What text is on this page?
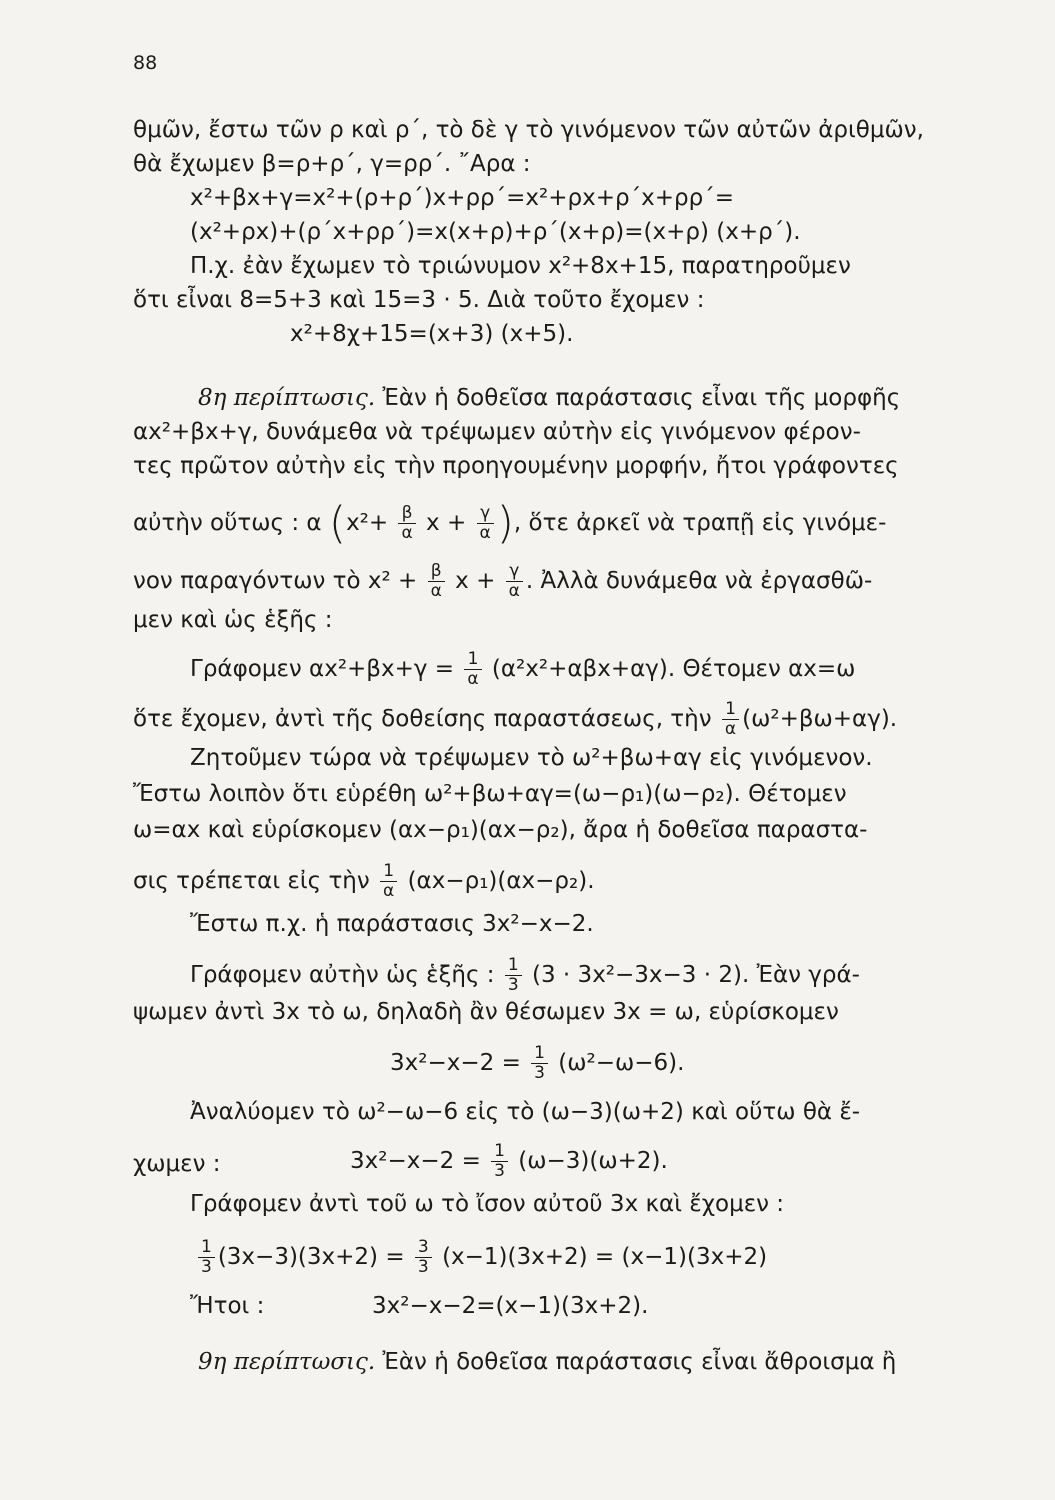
88
θμῶν, ἔστω τῶν ρ καὶ ρ΄, τὸ δὲ γ τὸ γινόμενον τῶν αὐτῶν ἀριθμῶν,
θὰ ἔχωμεν β=ρ+ρ΄, γ=ρρ΄. ῎Αρα :
x²+βx+γ=x²+(ρ+ρ΄)x+ρρ΄=x²+ρx+ρ΄x+ρρ΄=
(x²+ρx)+(ρ΄x+ρρ΄)=x(x+ρ)+ρ΄(x+ρ)=(x+ρ) (x+ρ΄).
Π.χ. ἐὰν ἔχωμεν τὸ τριώνυμον x²+8x+15, παρατηροῦμεν
ὅτι εἶναι 8=5+3 καὶ 15=3 · 5. Διὰ τοῦτο ἔχομεν :
x²+8χ+15=(x+3) (x+5).
8η περίπτωσις. Ἐὰν ἡ δοθεῖσα παράστασις εἶναι τῆς μορφῆς
αx²+βx+γ, δυνάμεθα νὰ τρέψωμεν αὐτὴν εἰς γινόμενον φέρον-
τες πρῶτον αὐτὴν εἰς τὴν προηγουμένην μορφήν, ἤτοι γράφοντες
αὐτὴν οὕτως : α ($x^2+ \frac{\beta}{\alpha}$ $x + \frac{\gamma}{\alpha}$ ), ὅτε ἀρκεῖ νὰ τραπῇ εἰς γινόμε-
νον παραγόντων τὸ $x^2 + \frac{\beta}{\alpha}$ $x + \frac{\gamma}{\alpha}$ . Ἀλλὰ δυνάμεθα νὰ ἐργασθῶ-
μεν καὶ ὡς ἑξῆς :
Γράφομεν $\alpha x^2+\beta x+\gamma = \frac{1}{\alpha} (\alpha^2x^2+\alpha\beta x+\alpha\gamma)$. Θέτομεν αx=ω
ὅτε ἔχομεν, ἀντὶ τῆς δοθείσης παραστάσεως, τὴν $\frac{1}{\alpha} (\omega^2+\beta\omega+\alpha\gamma)$.
Ζητοῦμεν τώρα νὰ τρέψωμεν τὸ ω²+βω+αγ εἰς γινόμενον.
Ἔστω λοιπὸν ὅτι εὑρέθη ω²+βω+αγ=(ω−ρ₁)(ω−ρ₂). Θέτομεν
ω=αx καὶ εὑρίσκομεν (αx−ρ₁)(αx−ρ₂), ἄρα ἡ δοθεῖσα παραστα-
σις τρέπεται εἰς τὴν $\frac{1}{\alpha} (\alpha x-\rho_1)(\alpha x-\rho_2)$.
Ἔστω π.χ. ἡ παράστασις 3x²−x−2.
Γράφομεν αὐτὴν ὡς ἑξῆς : $\frac{1}{3} (3 \cdot 3x^2-3x-3 \cdot 2)$. Ἐὰν γρά-
ψωμεν ἀντὶ 3x τὸ ω, δηλαδὴ ἂν θέσωμεν 3x = ω, εὑρίσκομεν
$3x^2-x-2 = \frac{1}{3} (\omega^2-\omega-6)$.
Ἀναλύομεν τὸ ω²−ω−6 εἰς τὸ (ω−3)(ω+2) καὶ οὕτω θὰ ἔ-
χωμεν :	$3x^2-x-2 = \frac{1}{3} (\omega-3)(\omega+2)$.
Γράφομεν ἀντὶ τοῦ ω τὸ ἴσον αὐτοῦ 3x καὶ ἔχομεν :
$\frac{1}{3} (3x-3)(3x+2) = \frac{3}{3} (x-1)(3x+2) = (x-1)(3x+2)$
Ἤτοι :	3x²−x−2=(x−1)(3x+2).
9η περίπτωσις. Ἐὰν ἡ δοθεῖσα παράστασις εἶναι ἄθροισμα ἢ
